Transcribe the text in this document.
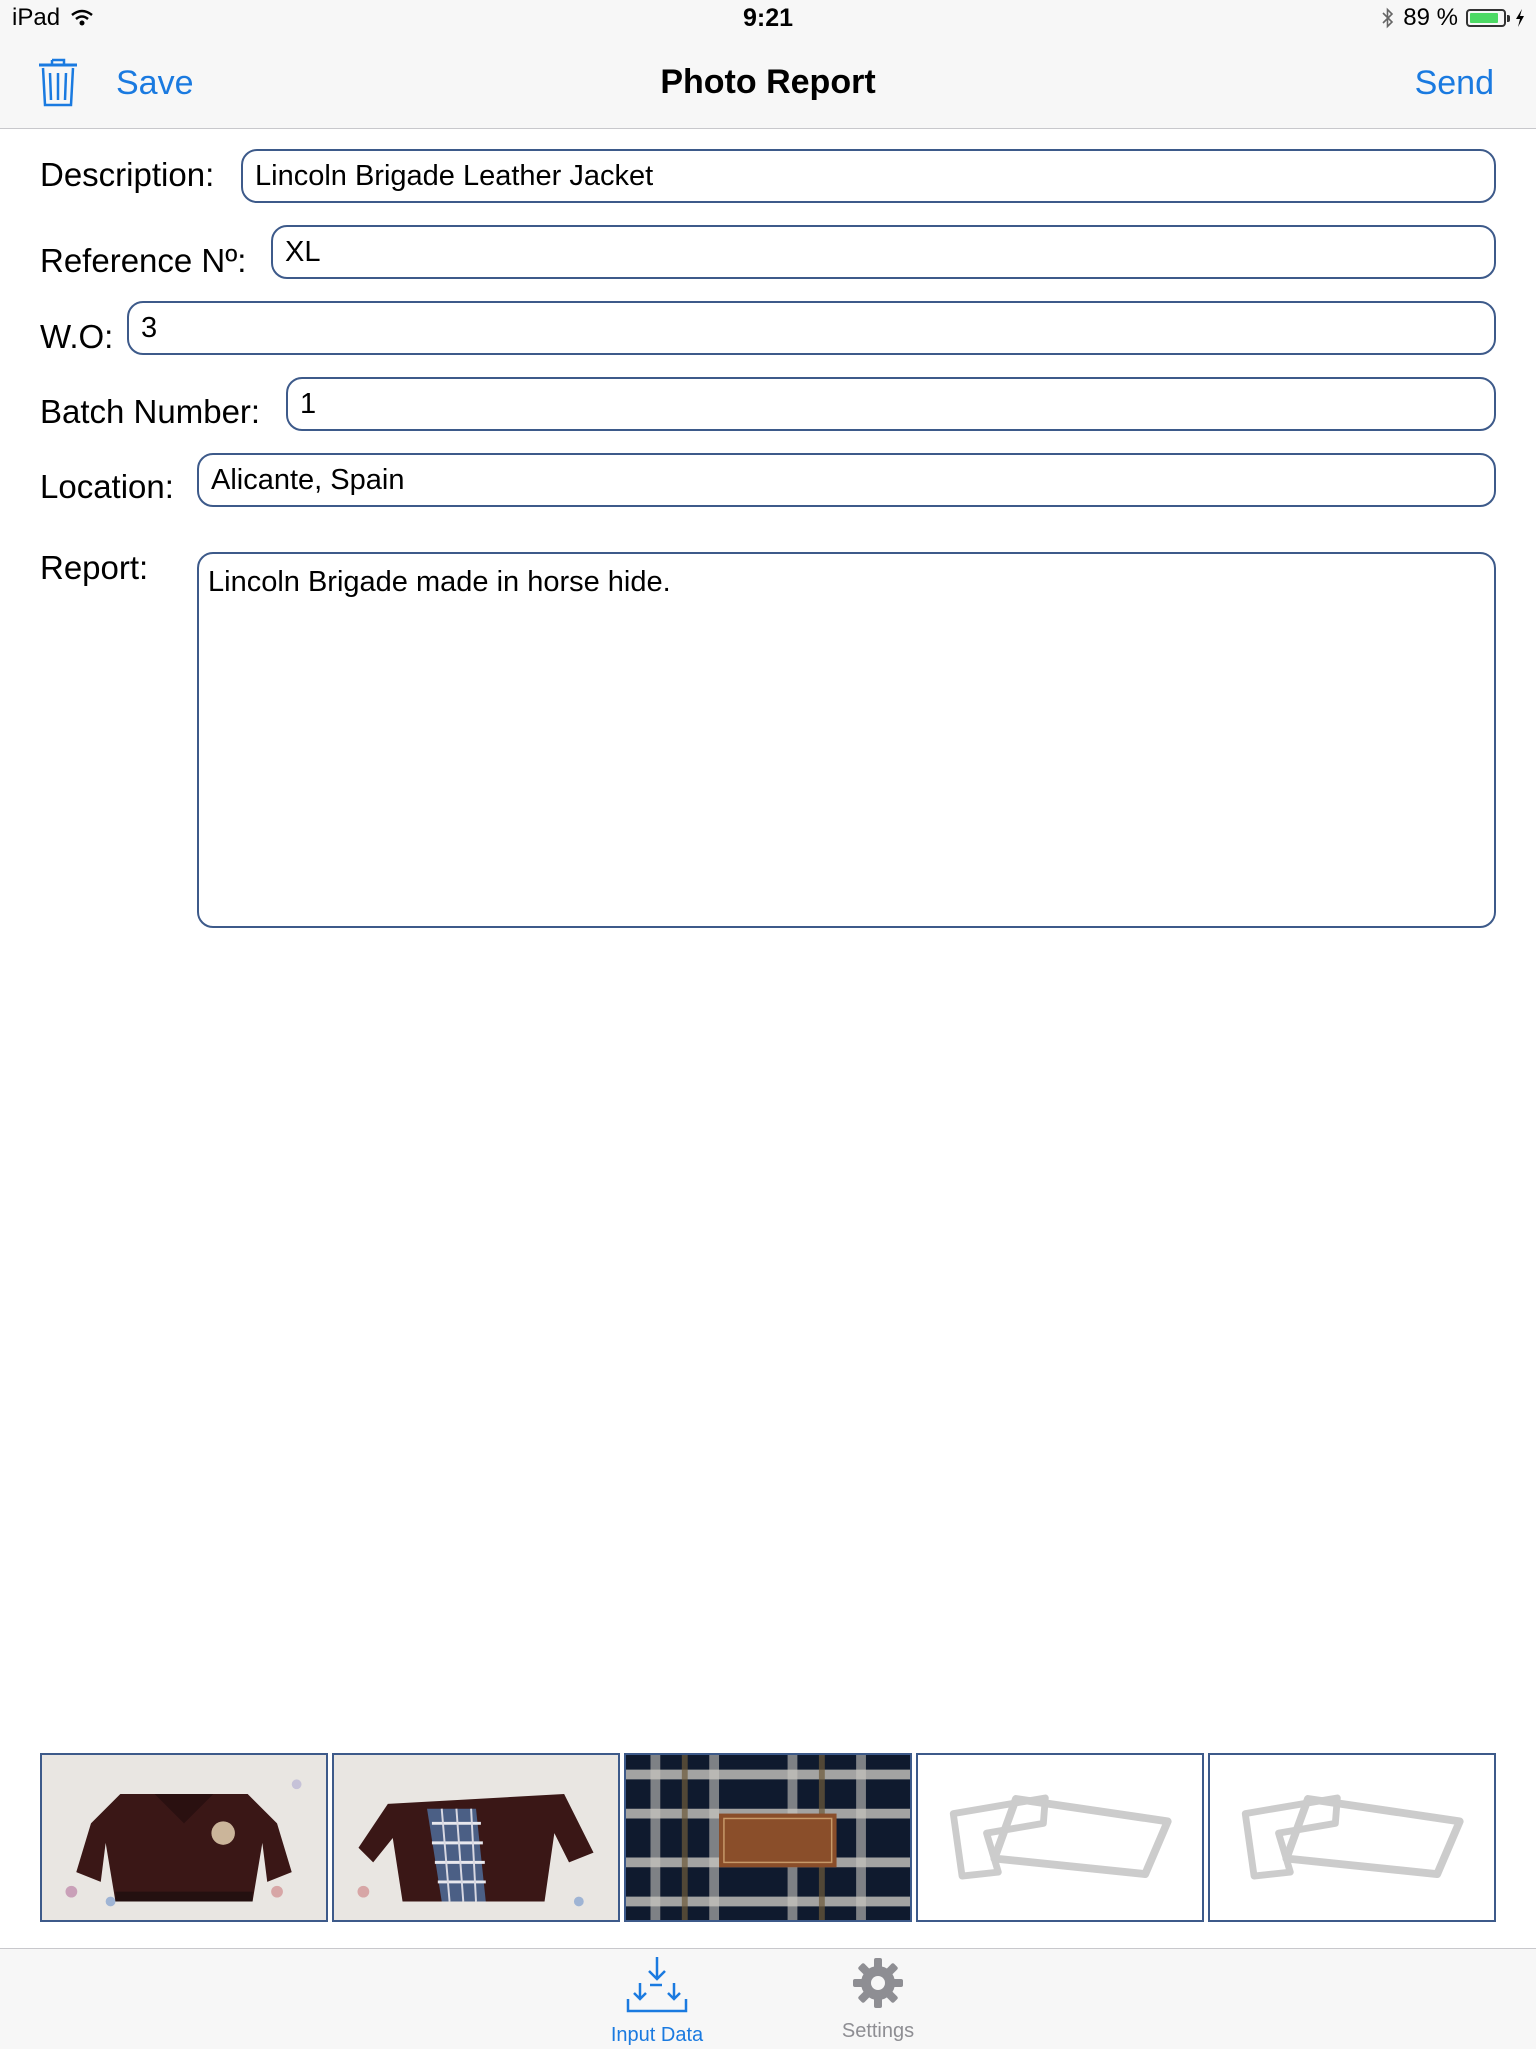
iPad	9:21	89 %
Save	Photo Report	Send
Description:	Lincoln Brigade Leather Jacket
Reference Nº:	XL
W.O: 3
Batch Number:	1
Location:	Alicante, Spain
Report:	Lincoln Brigade made in horse hide.
Input Data	Settings
